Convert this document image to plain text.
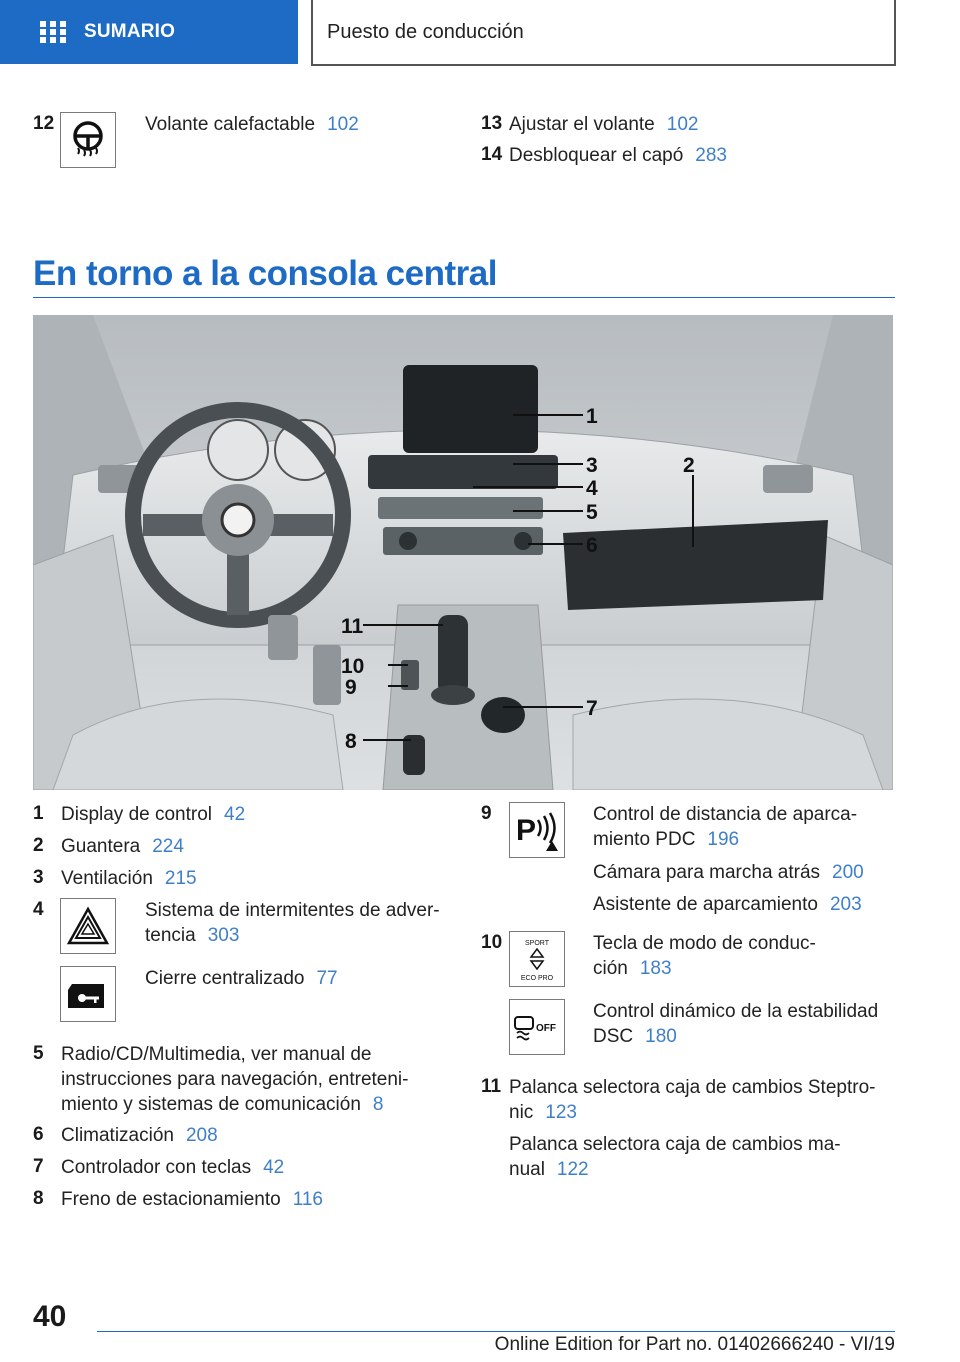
SUMARIO	Puesto de conducción
12	Volante calefactable 102	13 Ajustar el volante 102
14 Desbloquear el capó 283
En torno a la consola central
1
2
3
4
5
6
7
8
9
10
11
1 Display de control 42
2 Guantera 224
3 Ventilación 215
4	Sistema de intermitentes de adver-
tencia 303
Cierre centralizado 77
5 Radio/CD/Multimedia, ver manual de
instrucciones para navegación, entreteni-
miento y sistemas de comunicación 8
6 Climatización 208
7 Controlador con teclas 42
8 Freno de estacionamiento 116
9
P	Control de distancia de aparca-
miento PDC 196
Cámara para marcha atrás 200
Asistente de aparcamiento 203
10	SPORT
ECO PRO
Tecla de modo de conduc-
ción 183
OFF
Control dinámico de la estabilidad
DSC 180
11 Palanca selectora caja de cambios Steptro-
nic 123
Palanca selectora caja de cambios ma-
nual 122
40
Online Edition for Part no. 01402666240 - VI/19
